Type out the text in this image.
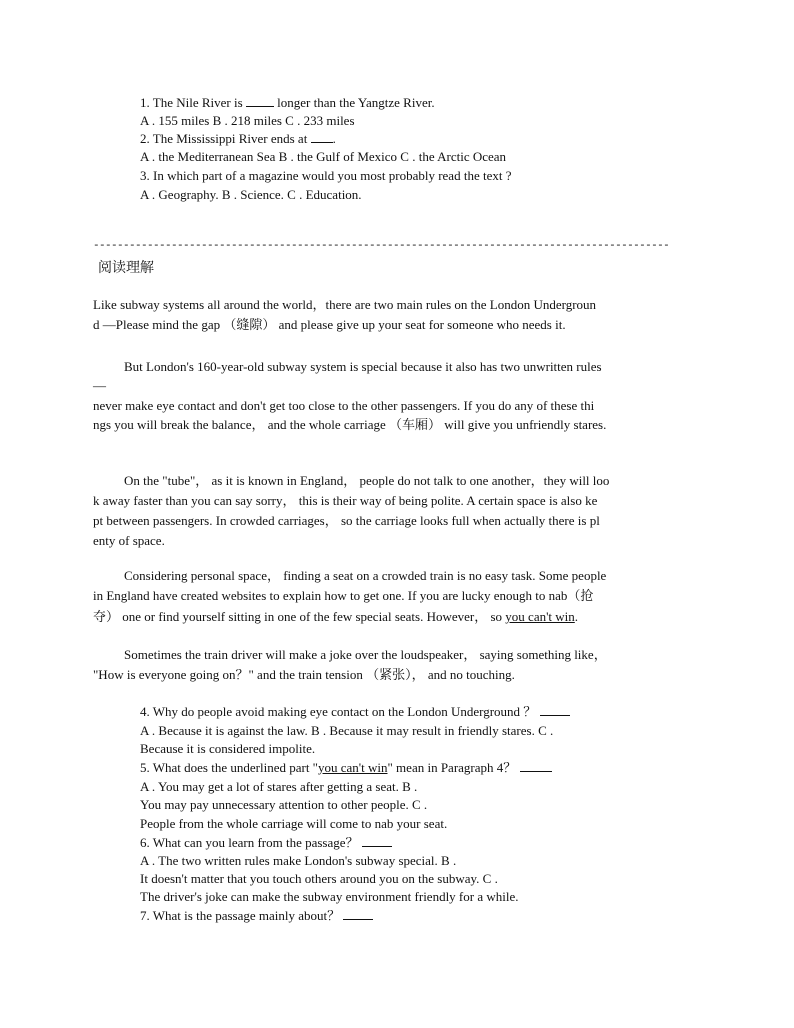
1. The Nile River is  longer than the Yangtze River.
A . 155 miles B . 218 miles C . 233 miles
2. The Mississippi River ends at .
A . the Mediterranean Sea B . the Gulf of Mexico C . the Arctic Ocean
3. In which part of a magazine would you most probably read the text ?
A . Geography. B . Science. C . Education.
------------------------------------------------------------------------------------------------
阅读理解
Like subway systems all around the world，there are two main rules on the London Undergroun
d —Please mind the gap （缝隙） and please give up your seat for someone who needs it.
But London's 160-year-old subway system is special because it also has two unwritten rules
—
never make eye contact and don't get too close to the other passengers. If you do any of these thi
ngs you will break the balance， and the whole carriage （车厢） will give you unfriendly stares.
On the "tube"， as it is known in England， people do not talk to one another，they will loo
k away faster than you can say sorry， this is their way of being polite. A certain space is also ke
pt between passengers. In crowded carriages， so the carriage looks full when actually there is pl
enty of space.
Considering personal space， finding a seat on a crowded train is no easy task. Some people
in England have created websites to explain how to get one. If you are lucky enough to nab（抢
夺） one or find yourself sitting in one of the few special seats. However， so you can't win.
Sometimes the train driver will make a joke over the loudspeaker， saying something like，
"How is everyone going on？" and the train tension （紧张）， and no touching.
4. Why do people avoid making eye contact on the London Underground ？
A . Because it is against the law. B . Because it may result in friendly stares. C .
Because it is considered impolite.
5. What does the underlined part "you can't win" mean in Paragraph 4？
A . You may get a lot of stares after getting a seat. B .
You may pay unnecessary attention to other people. C .
People from the whole carriage will come to nab your seat.
6. What can you learn from the passage？
A . The two written rules make London's subway special. B .
It doesn't matter that you touch others around you on the subway. C .
The driver's joke can make the subway environment friendly for a while.
7. What is the passage mainly about？
